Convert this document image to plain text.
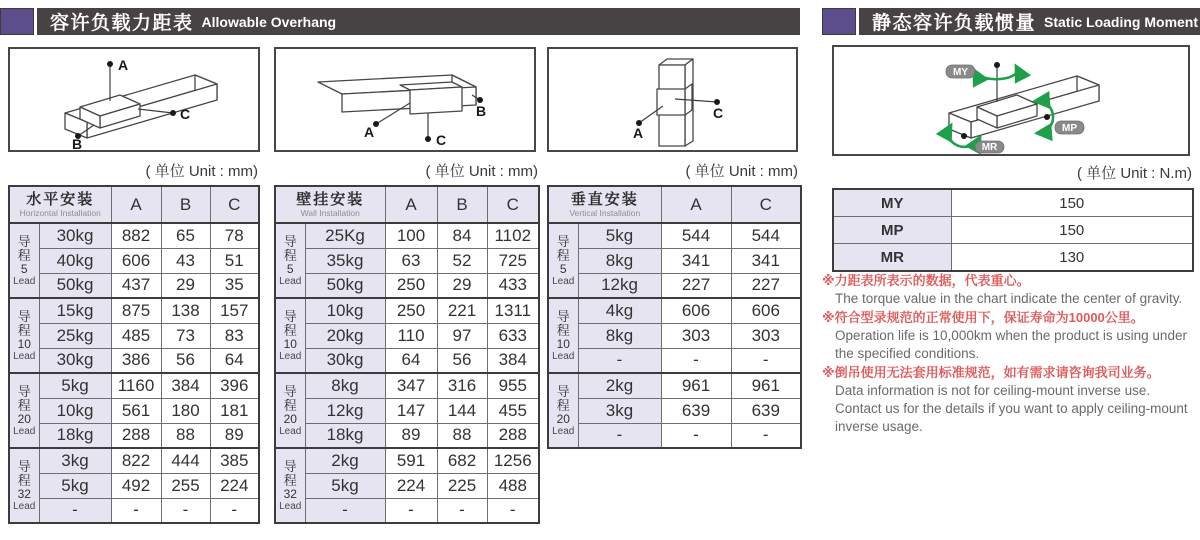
容许负载力距表 Allowable Overhang	静态容许负载惯量 Static Loading Moment
A
B
C
A	C
B
A
C
MY
MP
MR
( 单位 Unit : mm)	( 单位 Unit : mm)	( 单位 Unit : mm)	( 单位 Unit : N.m)
水平安装
Horizontal Installation		A	B	C

导程
5
Lead	30kg	882	65	78
	40kg	606	43	51
	50kg	437	29	35

导程
10
Lead	15kg	875	138	157
	25kg	485	73	83
	30kg	386	56	64

导程
20
Lead	5kg	1160	384	396
	10kg	561	180	181
	18kg	288	88	89

导程
32
Lead	3kg	822	444	385
	5kg	492	255	224
	-	-	-	-
壁挂安装
Wall Installation		A	B	C

导程
5
Lead	25Kg	100	84	1102
	35kg	63	52	725
	50kg	250	29	433

导程
10
Lead	10kg	250	221	1311
	20kg	110	97	633
	30kg	64	56	384

导程
20
Lead	8kg	347	316	955
	12kg	147	144	455
	18kg	89	88	288

导程
32
Lead	2kg	591	682	1256
	5kg	224	225	488
	-	-	-	-
垂直安装
Vertical Installation		A	C

导程
5
Lead	5kg	544	544
	8kg	341	341
	12kg	227	227

导程
10
Lead	4kg	606	606
	8kg	303	303
	-	-	-

导程
20
Lead	2kg	961	961
	3kg	639	639
	-	-	-
MY	150
MP	150
MR	130
※力距表所表示的数据，代表重心。
The torque value in the chart indicate the center of gravity.
※符合型录规范的正常使用下，保证寿命为10000公里。
Operation life is 10,000km when the product is using under the specified conditions.
※倒吊使用无法套用标准规范，如有需求请咨询我司业务。
Data information is not for ceiling-mount inverse use. Contact us for the details if you want to apply ceiling-mount inverse usage.
